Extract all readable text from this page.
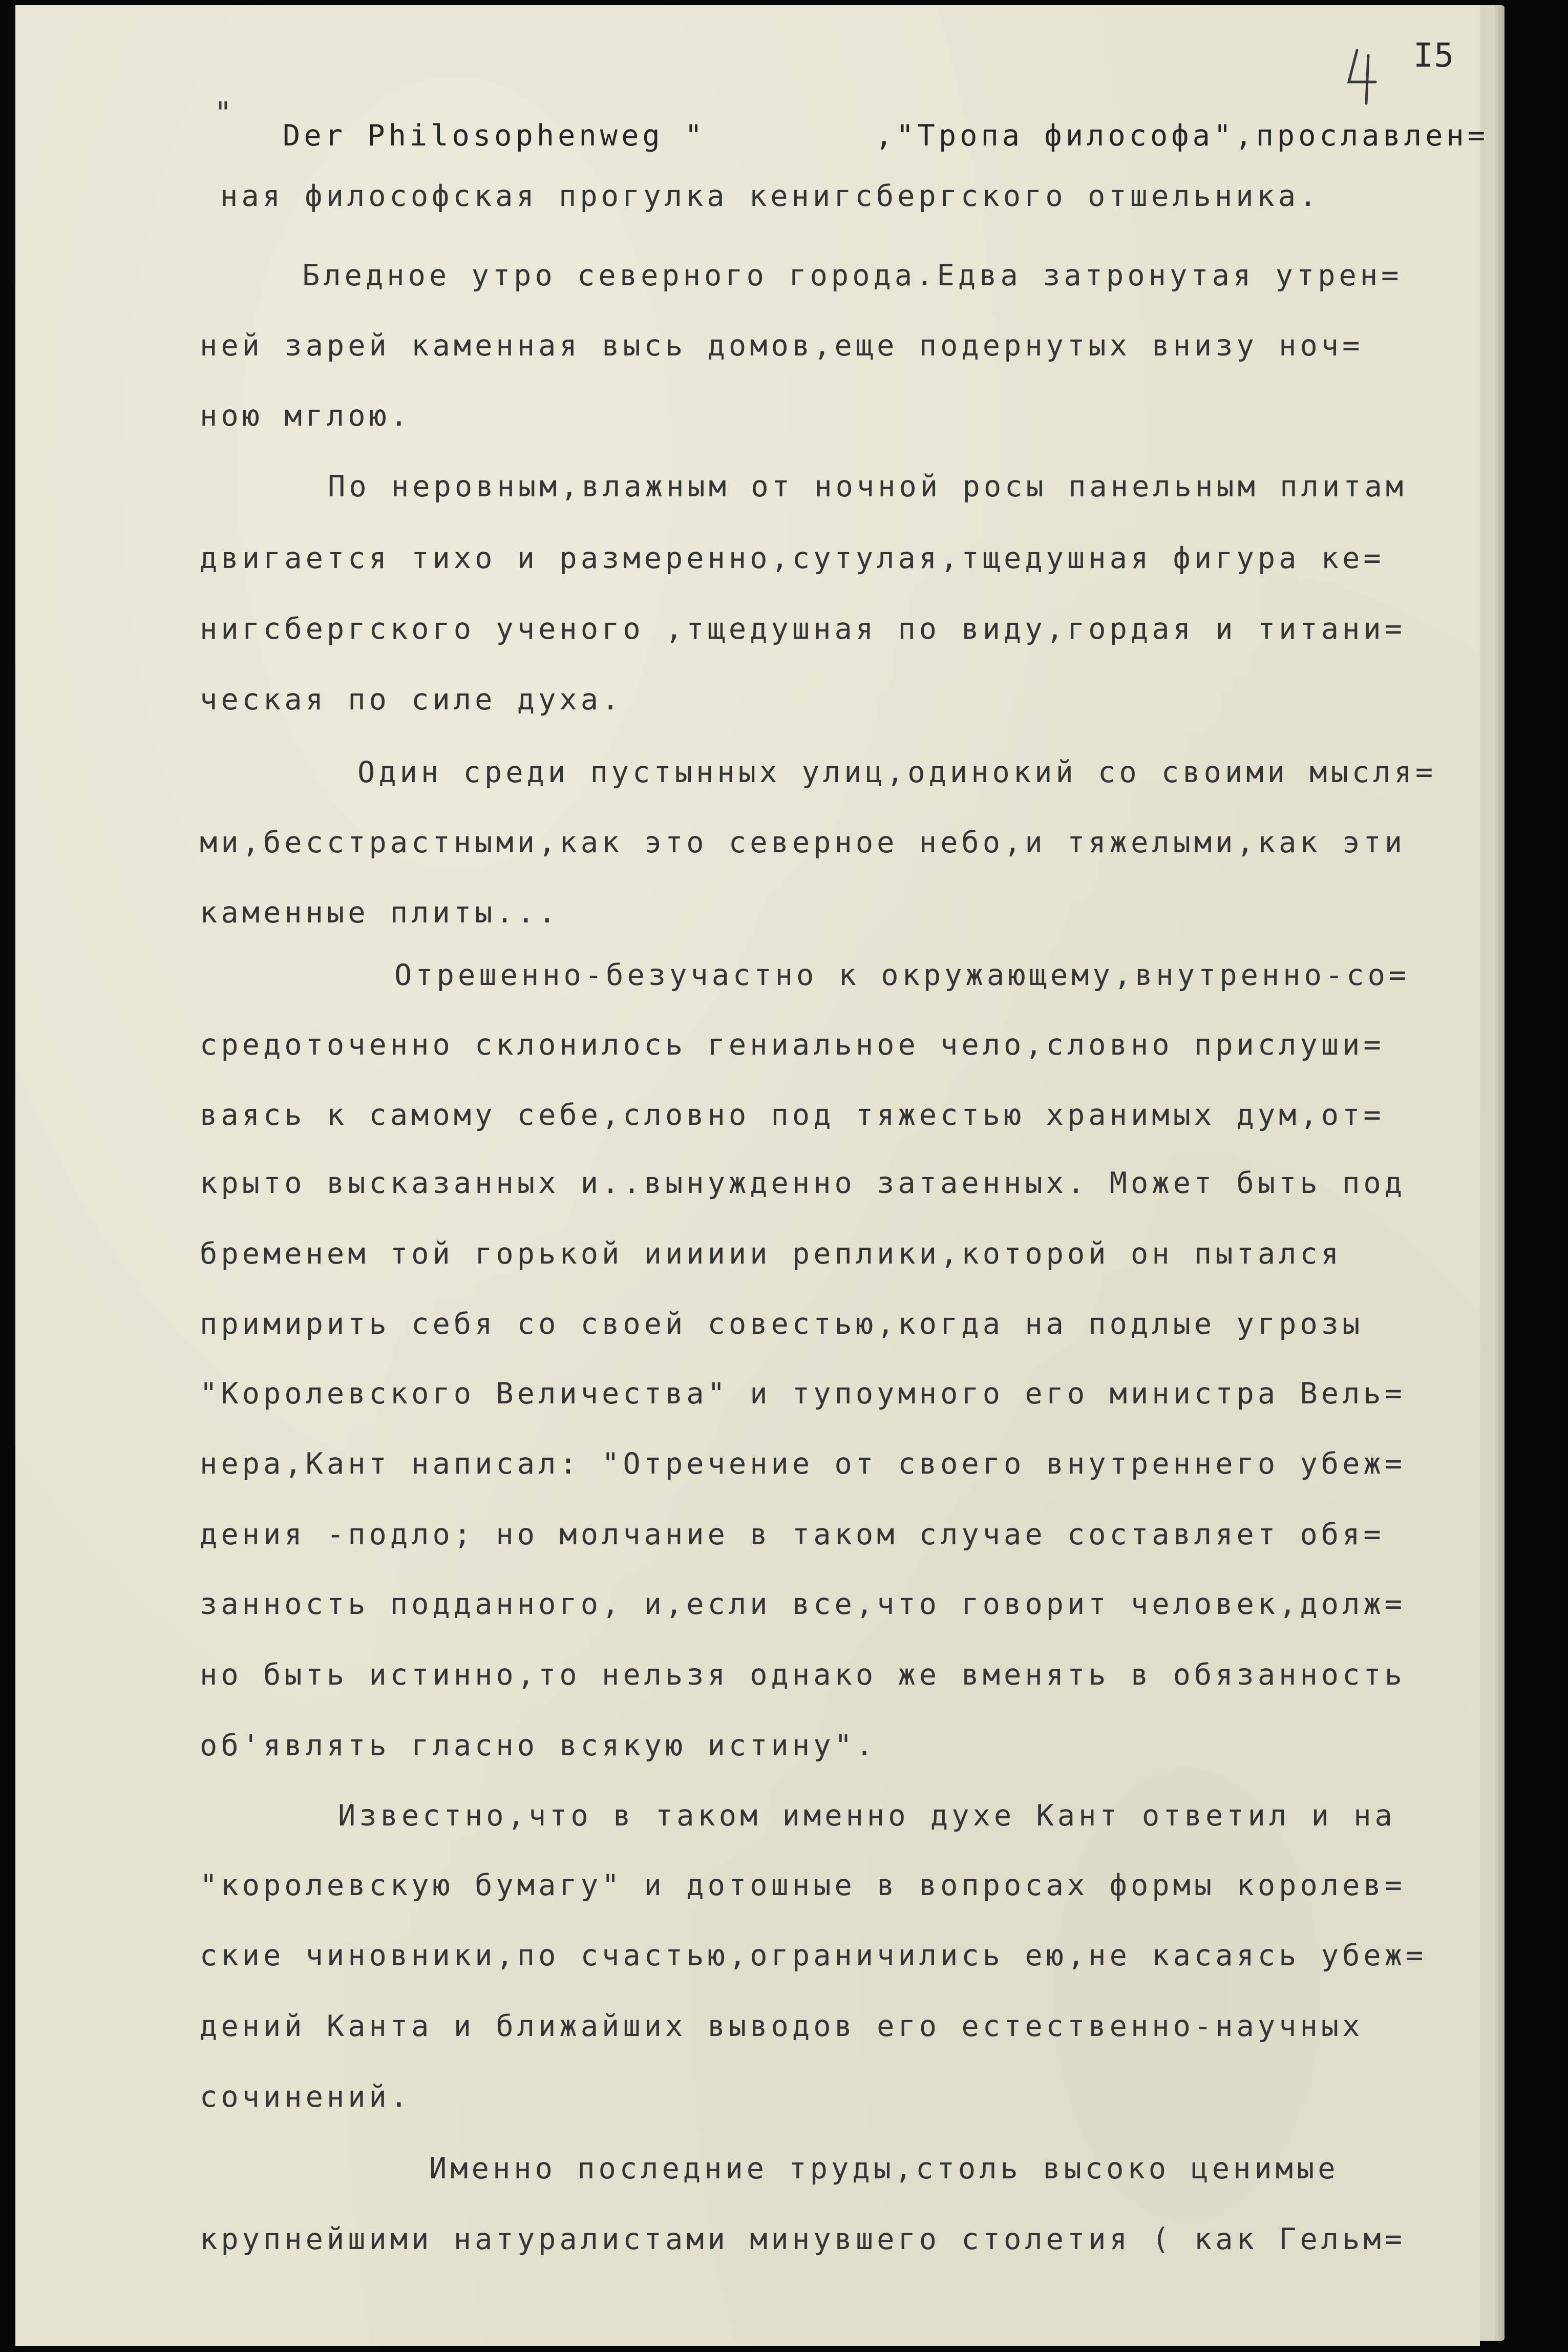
I5
"
Der Philosophenweg "        ,"Тропа философа",прославлен=
ная философская прогулка кенигсбергского отшельника.
Бледное утро северного города.Едва затронутая утрен=
ней зарей каменная высь домов,еще подернутых внизу ноч=
ною мглою.
По неровным,влажным от ночной росы панельным плитам
двигается тихо и размеренно,сутулая,тщедушная фигура ке=
нигсбергского ученого ,тщедушная по виду,гордая и титани=
ческая по силе духа.
Один среди пустынных улиц,одинокий со своими мысля=
ми,бесстрастными,как это северное небо,и тяжелыми,как эти
каменные плиты...
Отрешенно-безучастно к окружающему,внутренно-со=
средоточенно склонилось гениальное чело,словно прислуши=
ваясь к самому себе,словно под тяжестью хранимых дум,от=
крыто высказанных и..вынужденно затаенных. Может быть под
бременем той горькой ииииии реплики,которой он пытался
примирить себя со своей совестью,когда на подлые угрозы
"Королевского Величества" и тупоумного его министра Вель=
нера,Кант написал: "Отречение от своего внутреннего убеж=
дения -подло; но молчание в таком случае составляет обя=
занность подданного, и,если все,что говорит человек,долж=
но быть истинно,то нельзя однако же вменять в обязанность
об'являть гласно всякую истину".
Известно,что в таком именно духе Кант ответил и на
"королевскую бумагу" и дотошные в вопросах формы королев=
ские чиновники,по счастью,ограничились ею,не касаясь убеж=
дений Канта и ближайших выводов его естественно-научных
сочинений.
Именно последние труды,столь высоко ценимые
крупнейшими натуралистами минувшего столетия ( как Гельм=
